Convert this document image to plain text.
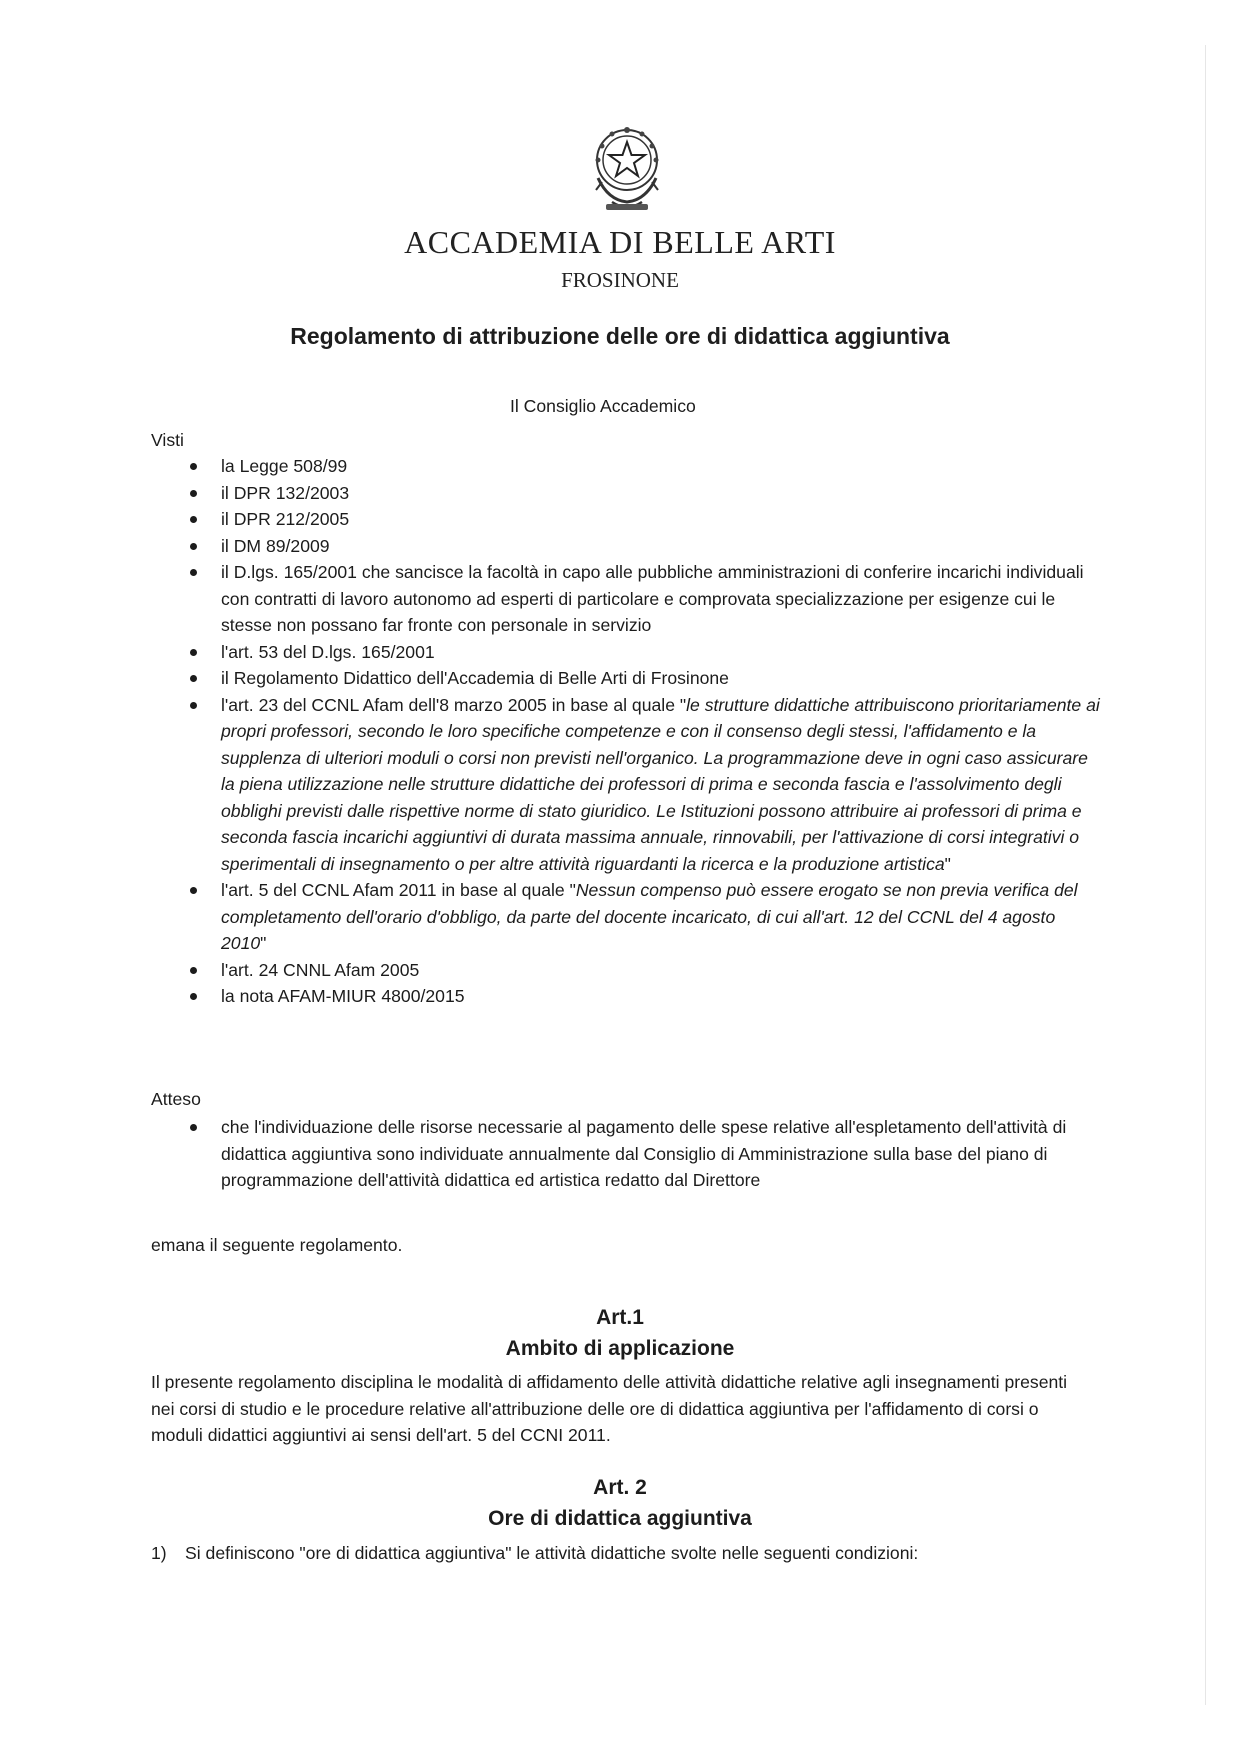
ACCADEMIA DI BELLE ARTI
FROSINONE
Regolamento di attribuzione delle ore di didattica aggiuntiva
Il Consiglio Accademico
Visti
la Legge 508/99
il DPR 132/2003
il DPR 212/2005
il DM 89/2009
il D.lgs. 165/2001 che sancisce la facoltà in capo alle pubbliche amministrazioni di conferire incarichi individuali con contratti di lavoro autonomo ad esperti di particolare e comprovata specializzazione per esigenze cui le stesse non possano far fronte con personale in servizio
l'art. 53 del D.lgs. 165/2001
il Regolamento Didattico dell'Accademia di Belle Arti di Frosinone
l'art. 23 del CCNL Afam dell'8 marzo 2005 in base al quale "le strutture didattiche attribuiscono prioritariamente ai propri professori, secondo le loro specifiche competenze e con il consenso degli stessi, l'affidamento e la supplenza di ulteriori moduli o corsi non previsti nell'organico. La programmazione deve in ogni caso assicurare la piena utilizzazione nelle strutture didattiche dei professori di prima e seconda fascia e l'assolvimento degli obblighi previsti dalle rispettive norme di stato giuridico. Le Istituzioni possono attribuire ai professori di prima e seconda fascia incarichi aggiuntivi di durata massima annuale, rinnovabili, per l'attivazione di corsi integrativi o sperimentali di insegnamento o per altre attività riguardanti la ricerca e la produzione artistica"
l'art. 5 del CCNL Afam 2011 in base al quale "Nessun compenso può essere erogato se non previa verifica del completamento dell'orario d'obbligo, da parte del docente incaricato, di cui all'art. 12 del CCNL del 4 agosto 2010"
l'art. 24 CNNL Afam 2005
la nota AFAM-MIUR 4800/2015
Atteso
che l'individuazione delle risorse necessarie al pagamento delle spese relative all'espletamento dell'attività di didattica aggiuntiva sono individuate annualmente dal Consiglio di Amministrazione sulla base del piano di programmazione dell'attività didattica ed artistica redatto dal Direttore
emana il seguente regolamento.
Art.1
Ambito di applicazione
Il presente regolamento disciplina le modalità di affidamento delle attività didattiche relative agli insegnamenti presenti nei corsi di studio e le procedure relative all'attribuzione delle ore di didattica aggiuntiva per l'affidamento di corsi o moduli didattici aggiuntivi ai sensi dell'art. 5 del CCNI 2011.
Art. 2
Ore di didattica aggiuntiva
1) Si definiscono "ore di didattica aggiuntiva" le attività didattiche svolte nelle seguenti condizioni:
